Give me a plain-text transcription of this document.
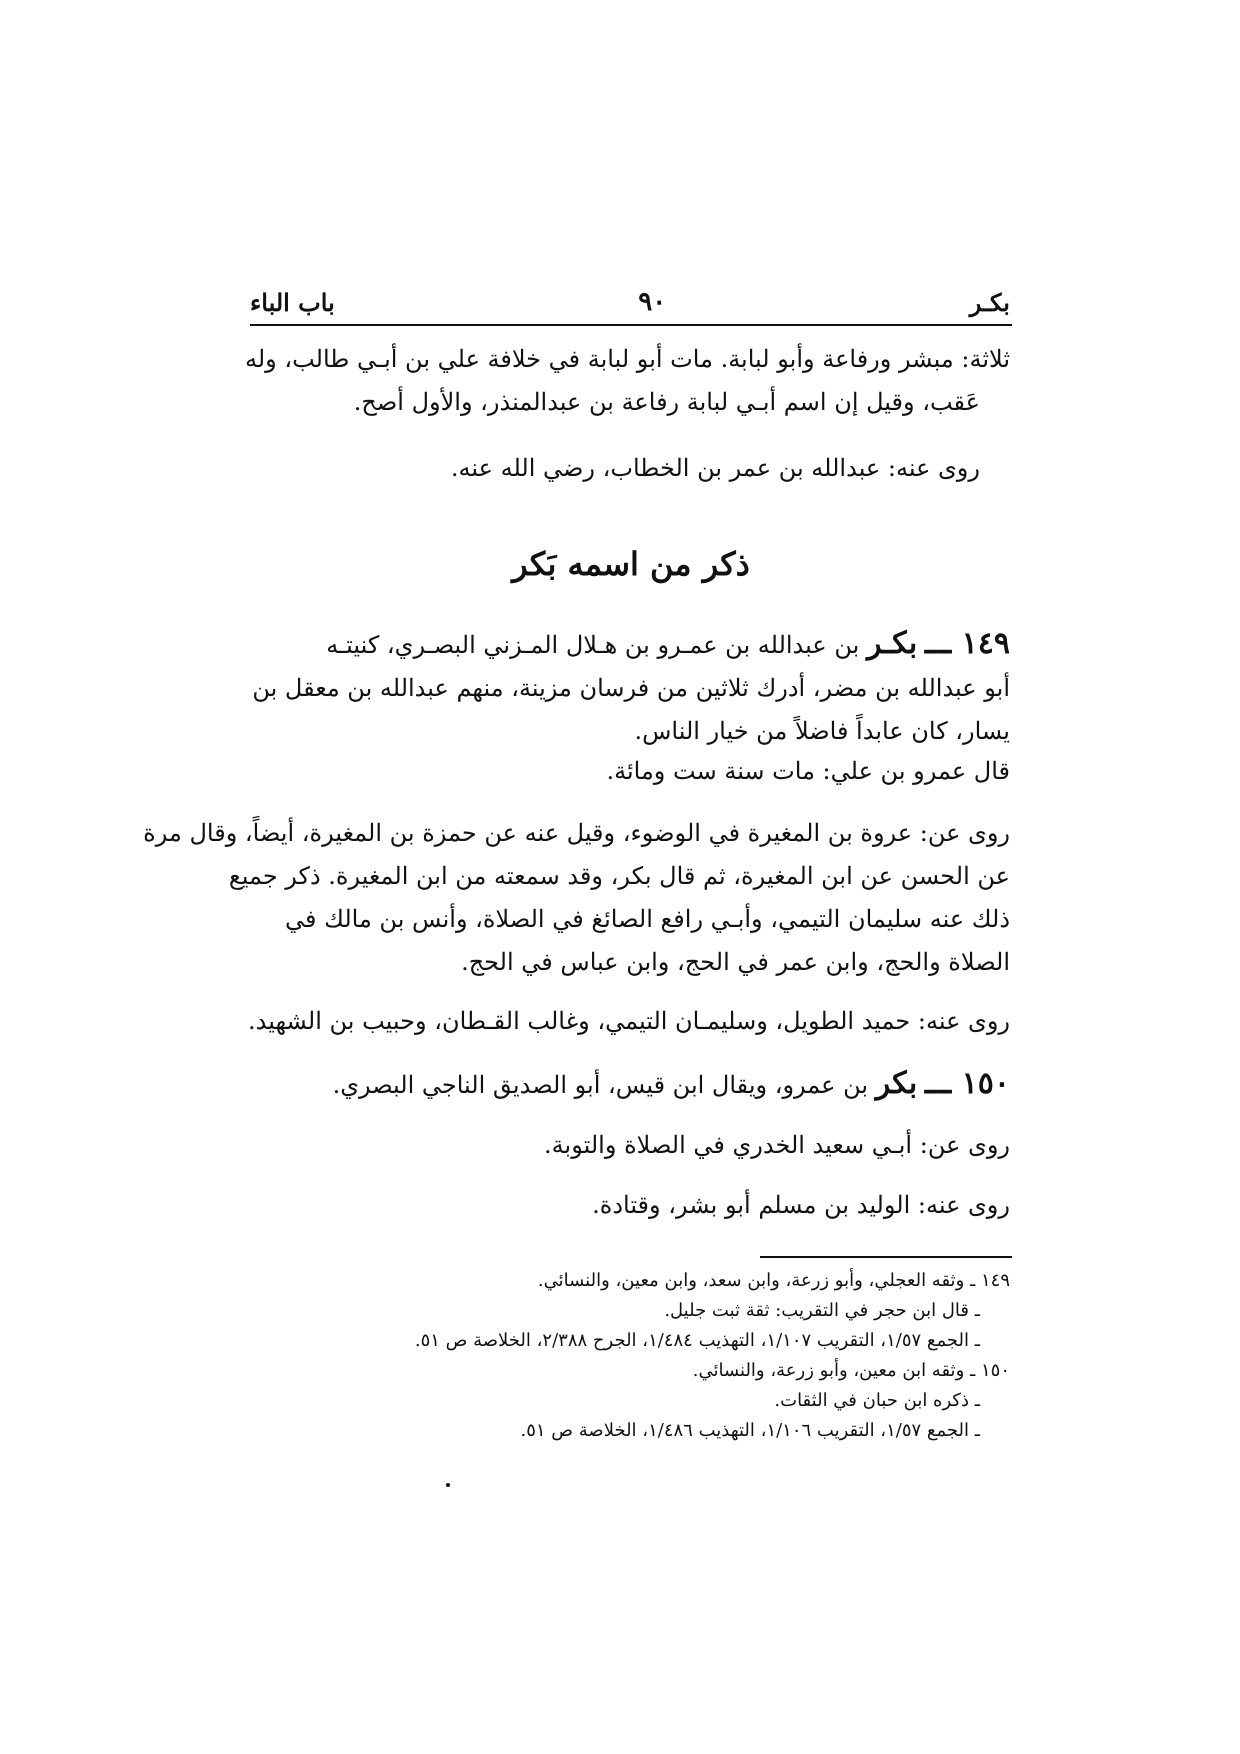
باب الباء	٩٠	بكـر
ثلاثة: مبشر ورفاعة وأبو لبابة. مات أبو لبابة في خلافة علي بن أبـي طالب، وله
عَقب، وقيل إن اسم أبـي لبابة رفاعة بن عبدالمنذر، والأول أصح.
روى عنه: عبدالله بن عمر بن الخطاب، رضي الله عنه.
ذكر من اسمه بَكر
١٤٩ ـــ بكـر بن عبدالله بن عمـرو بن هـلال المـزني البصـري، كنيتـه
أبو عبدالله بن مضر، أدرك ثلاثين من فرسان مزينة، منهم عبدالله بن معقل بن
يسار، كان عابداً فاضلاً من خيار الناس.
قال عمرو بن علي: مات سنة ست ومائة.
روى عن: عروة بن المغيرة في الوضوء، وقيل عنه عن حمزة بن المغيرة، أيضاً، وقال مرة
عن الحسن عن ابن المغيرة، ثم قال بكر، وقد سمعته من ابن المغيرة. ذكر جميع
ذلك عنه سليمان التيمي، وأبـي رافع الصائغ في الصلاة، وأنس بن مالك في
الصلاة والحج، وابن عمر في الحج، وابن عباس في الحج.
روى عنه: حميد الطويل، وسليمـان التيمي، وغالب القـطان، وحبيب بن الشهيد.
١٥٠ ـــ بكر بن عمرو، ويقال ابن قيس، أبو الصديق الناجي البصري.
روى عن: أبـي سعيد الخدري في الصلاة والتوبة.
روى عنه: الوليد بن مسلم أبو بشر، وقتادة.
١٤٩ ـ وثقه العجلي، وأبو زرعة، وابن سعد، وابن معين، والنسائي.
ـ قال ابن حجر في التقريب: ثقة ثبت جليل.
ـ الجمع ١/٥٧، التقريب ١/١٠٧، التهذيب ١/٤٨٤، الجرح ٢/٣٨٨، الخلاصة ص ٥١.
١٥٠ ـ وثقه ابن معين، وأبو زرعة، والنسائي.
ـ ذكره ابن حبان في الثقات.
ـ الجمع ١/٥٧، التقريب ١/١٠٦، التهذيب ١/٤٨٦، الخلاصة ص ٥١.
